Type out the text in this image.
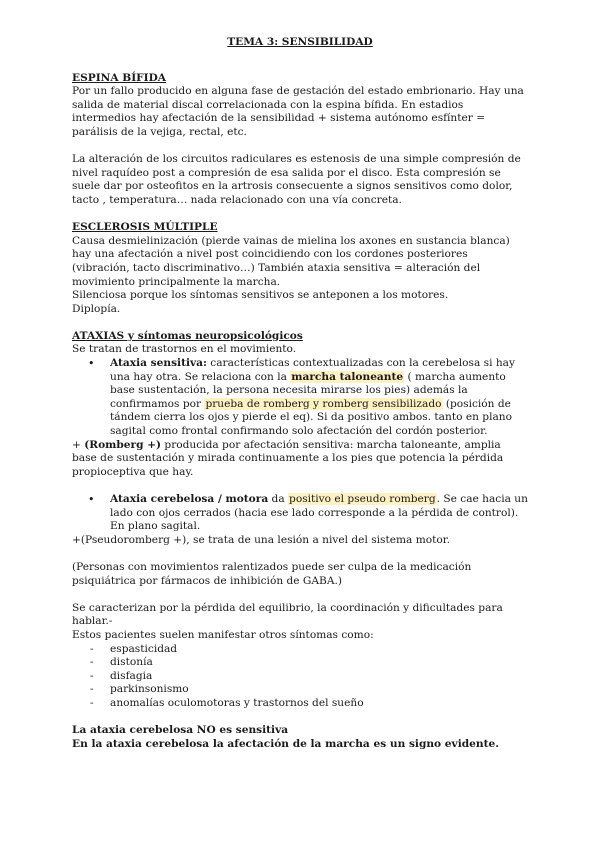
TEMA 3: SENSIBILIDAD

ESPINA BÍFIDA

Por un fallo producido en alguna fase de gestación del estado embrionario. Hay una salida de material discal correlacionada con la espina bífida. En estadios intermedios hay afectación de la sensibilidad + sistema autónomo esfínter = parálisis de la vejiga, rectal, etc.

La alteración de los circuitos radiculares es estenosis de una simple compresión de nivel raquídeo post a compresión de esa salida por el disco. Esta compresión se suele dar por osteofitos en la artrosis consecuente a signos sensitivos como dolor, tacto , temperatura… nada relacionado con una vía concreta.

ESCLEROSIS MÚLTIPLE

Causa desmielinización (pierde vainas de mielina los axones en sustancia blanca) hay una afectación a nivel post coincidiendo con los cordones posteriores (vibración, tacto discriminativo…) También ataxia sensitiva = alteración del movimiento principalmente la marcha.

Silenciosa porque los síntomas sensitivos se anteponen a los motores.

Diplopía.

ATAXIAS y síntomas neuropsicológicos

Se tratan de trastornos en el movimiento.

• Ataxia sensitiva: características contextualizadas con la cerebelosa si hay una hay otra. Se relaciona con la marcha taloneante ( marcha aumento base sustentación, la persona necesita mirarse los pies) además la confirmamos por prueba de romberg y romberg sensibilizado (posición de tándem cierra los ojos y pierde el eq). Si da positivo ambos. tanto en plano sagital como frontal confirmando solo afectación del cordón posterior.

+ (Romberg +) producida por afectación sensitiva: marcha taloneante, amplia base de sustentación y mirada continuamente a los pies que potencia la pérdida propioceptiva que hay.

• Ataxia cerebelosa / motora da positivo el pseudo romberg. Se cae hacia un lado con ojos cerrados (hacia ese lado corresponde a la pérdida de control). En plano sagital.

+(Pseudoromberg +), se trata de una lesión a nivel del sistema motor.

(Personas con movimientos ralentizados puede ser culpa de la medicación psiquiátrica por fármacos de inhibición de GABA.)

Se caracterizan por la pérdida del equilibrio, la coordinación y dificultades para hablar.-

Estos pacientes suelen manifestar otros síntomas como:

- espasticidad
- distonía
- disfagia
- parkinsonismo
- anomalías oculomotoras y trastornos del sueño

La ataxia cerebelosa NO es sensitiva

En la ataxia cerebelosa la afectación de la marcha es un signo evidente.
